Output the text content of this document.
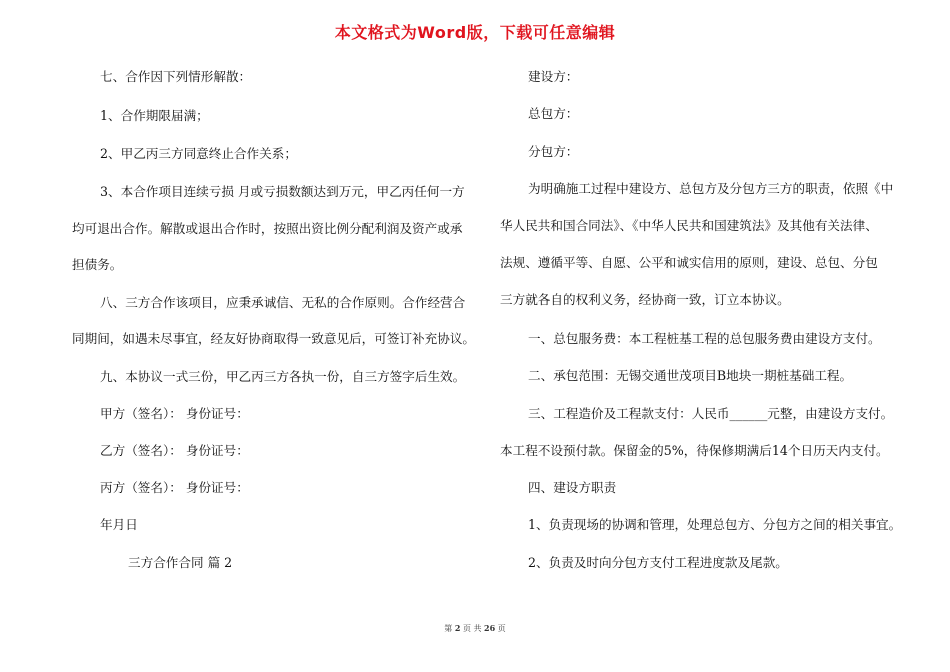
本文格式为Word版，下载可任意编辑
七、合作因下列情形解散：
1、合作期限届满；
2、甲乙丙三方同意终止合作关系；
3、本合作项目连续亏损 月或亏损数额达到万元，甲乙丙任何一方
均可退出合作。解散或退出合作时，按照出资比例分配利润及资产或承
担债务。
八、三方合作该项目，应秉承诚信、无私的合作原则。合作经营合
同期间，如遇未尽事宜，经友好协商取得一致意见后，可签订补充协议。
九、本协议一式三份，甲乙丙三方各执一份，自三方签字后生效。
甲方（签名）： 身份证号：
乙方（签名）： 身份证号：
丙方（签名）： 身份证号：
年月日
三方合作合同 篇 2
建设方：
总包方：
分包方：
为明确施工过程中建设方、总包方及分包方三方的职责，依照《中
华人民共和国合同法》、《中华人民共和国建筑法》及其他有关法律、
法规、遵循平等、自愿、公平和诚实信用的原则，建设、总包、分包
三方就各自的权利义务，经协商一致，订立本协议。
一、总包服务费：本工程桩基工程的总包服务费由建设方支付。
二、承包范围：无锡交通世茂项目B地块一期桩基础工程。
三、工程造价及工程款支付：人民币______元整，由建设方支付。
本工程不设预付款。保留金的5%，待保修期满后14个日历天内支付。
四、建设方职责
1、负责现场的协调和管理，处理总包方、分包方之间的相关事宜。
2、负责及时向分包方支付工程进度款及尾款。
第 2 页 共 26 页
